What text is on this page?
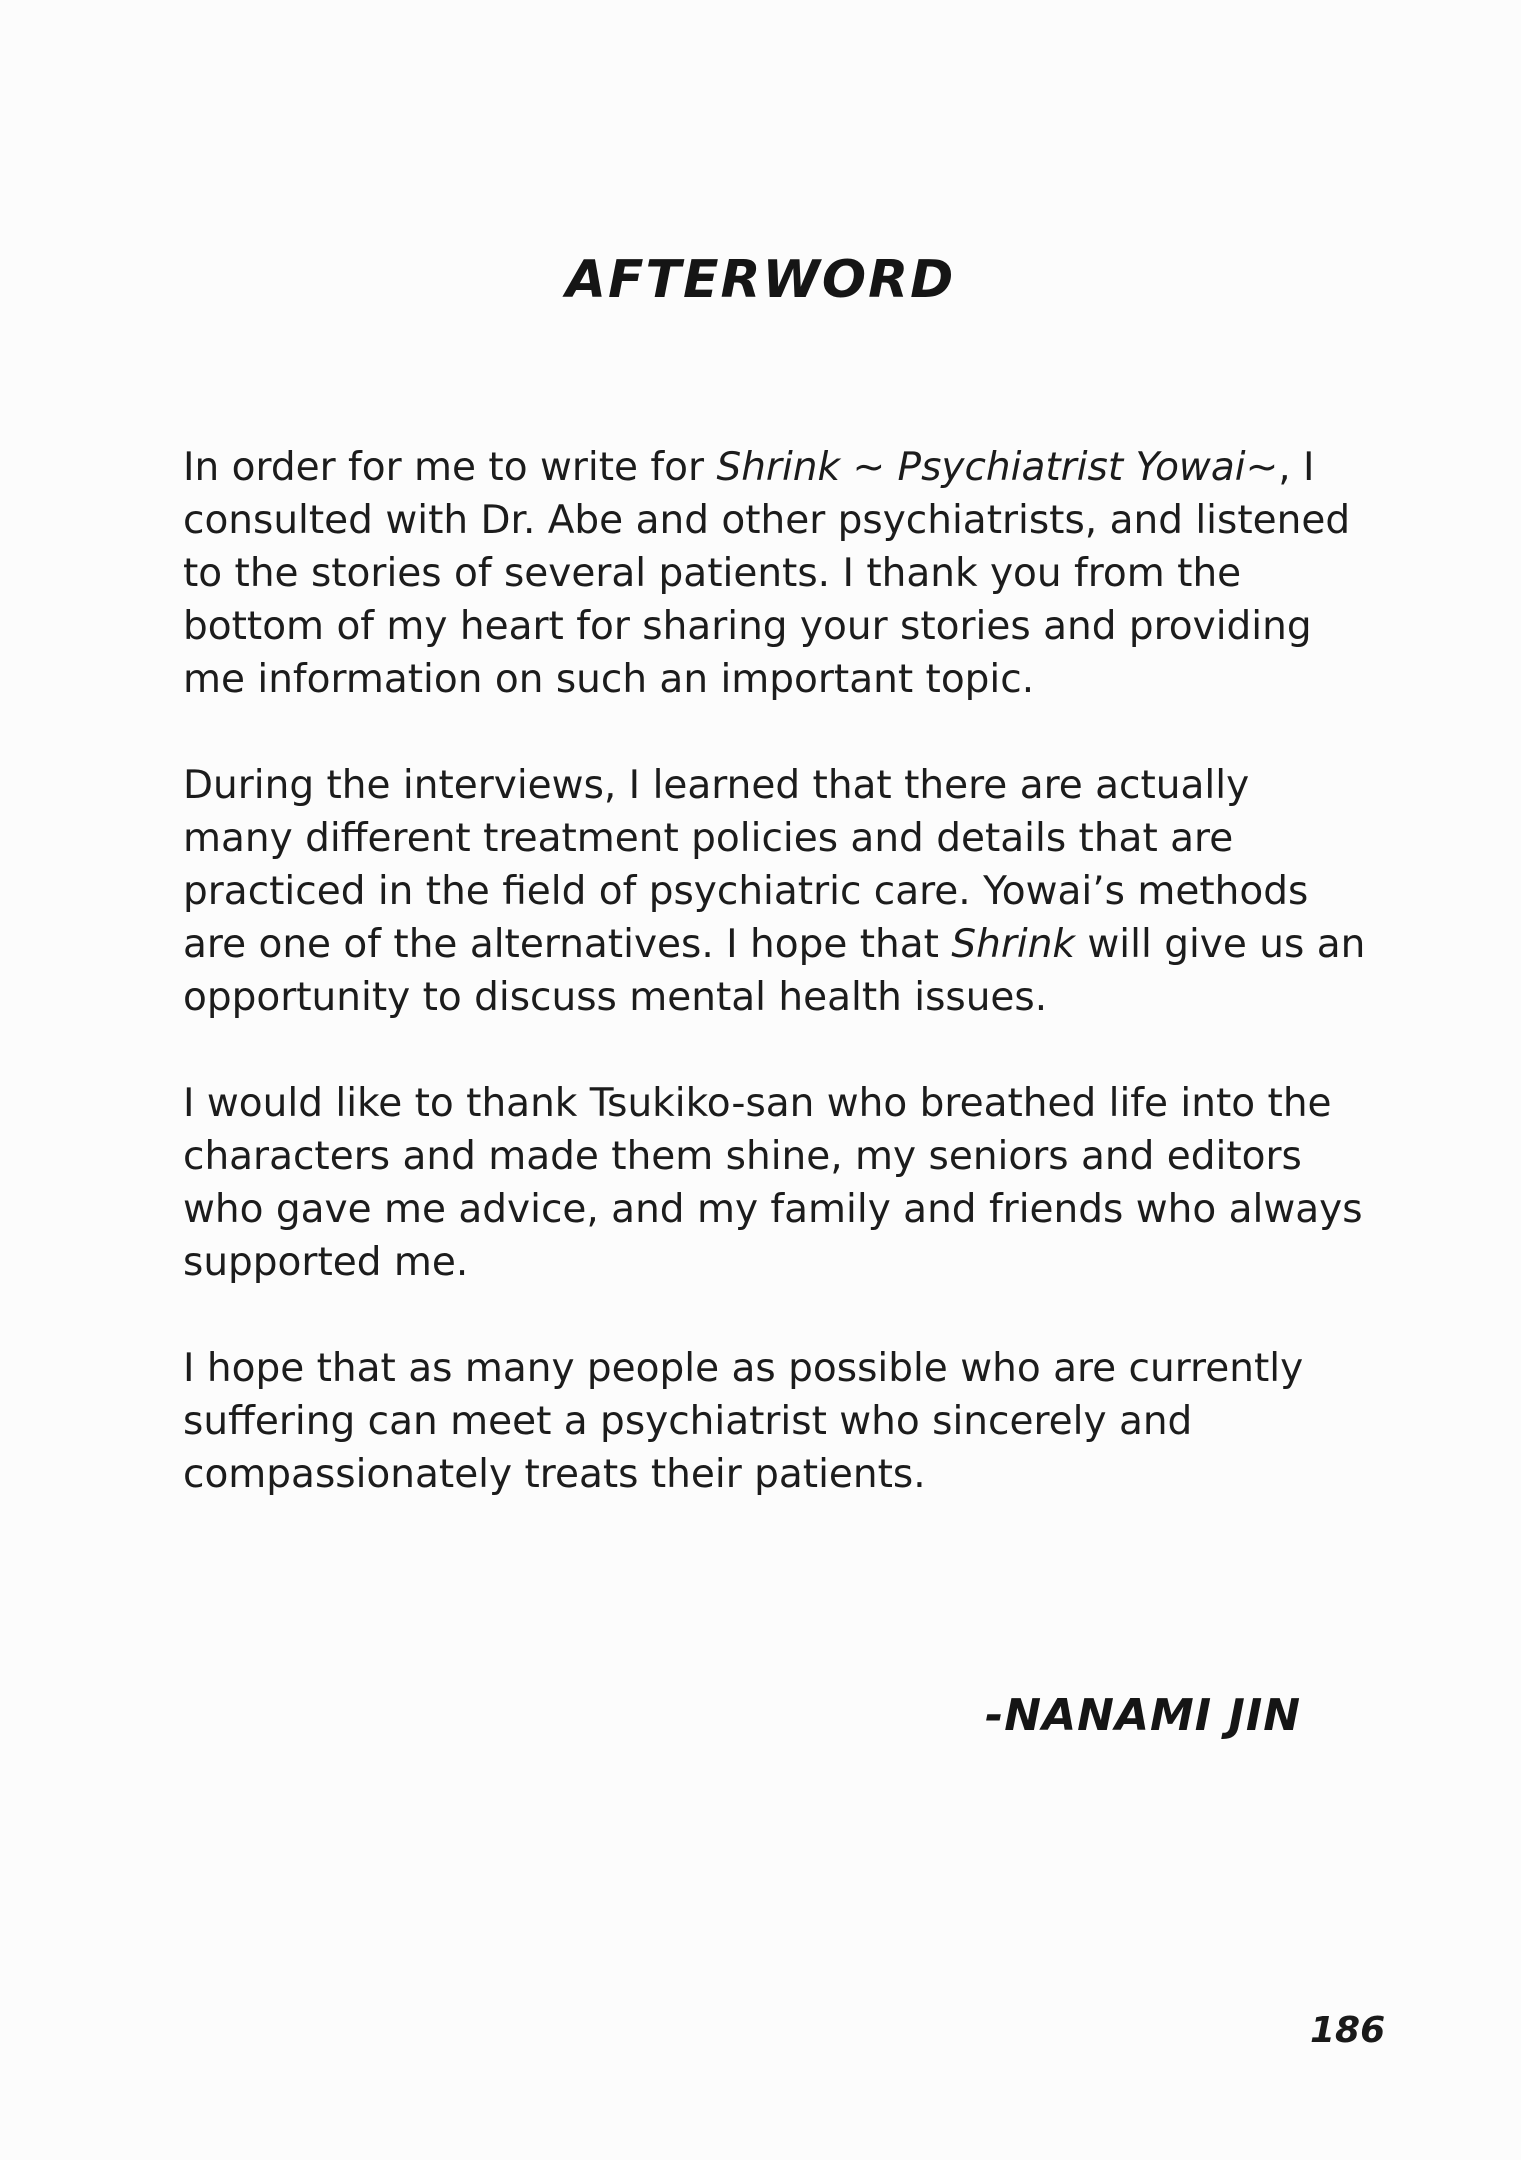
AFTERWORD

In order for me to write for Shrink ~ Psychiatrist Yowai~, I
consulted with Dr. Abe and other psychiatrists, and listened
to the stories of several patients. I thank you from the
bottom of my heart for sharing your stories and providing
me information on such an important topic.

During the interviews, I learned that there are actually
many different treatment policies and details that are
practiced in the field of psychiatric care. Yowai’s methods
are one of the alternatives. I hope that Shrink will give us an
opportunity to discuss mental health issues.

I would like to thank Tsukiko-san who breathed life into the
characters and made them shine, my seniors and editors
who gave me advice, and my family and friends who always
supported me.

I hope that as many people as possible who are currently
suffering can meet a psychiatrist who sincerely and
compassionately treats their patients.

-NANAMI JIN
186
